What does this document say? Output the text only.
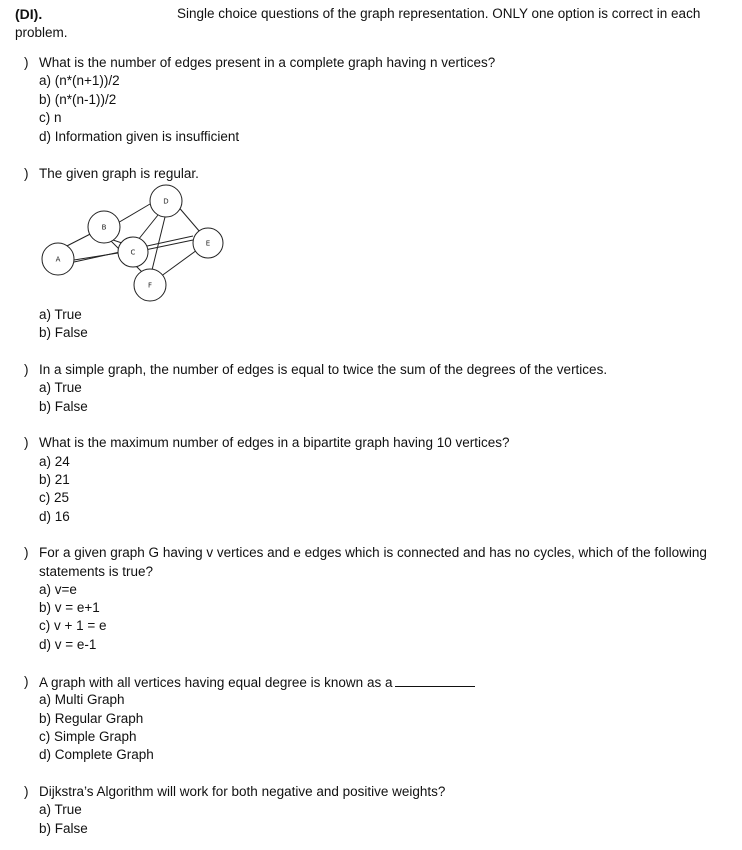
(DI).	Single choice questions of the graph representation. ONLY one option is correct in each
problem.
) What is the number of edges present in a complete graph having n vertices?
a) (n*(n+1))/2
b) (n*(n-1))/2
c) n
d) Information given is insufficient
) The given graph is regular.
A
B
C
D
E
F
a) True
b) False
) In a simple graph, the number of edges is equal to twice the sum of the degrees of the vertices.
a) True
b) False
) What is the maximum number of edges in a bipartite graph having 10 vertices?
a) 24
b) 21
c) 25
d) 16
) For a given graph G having v vertices and e edges which is connected and has no cycles, which of the following
statements is true?
a) v=e
b) v = e+1
c) v + 1 = e
d) v = e-1
) A graph with all vertices having equal degree is known as a
a) Multi Graph
b) Regular Graph
c) Simple Graph
d) Complete Graph
) Dijkstra’s Algorithm will work for both negative and positive weights?
a) True
b) False
